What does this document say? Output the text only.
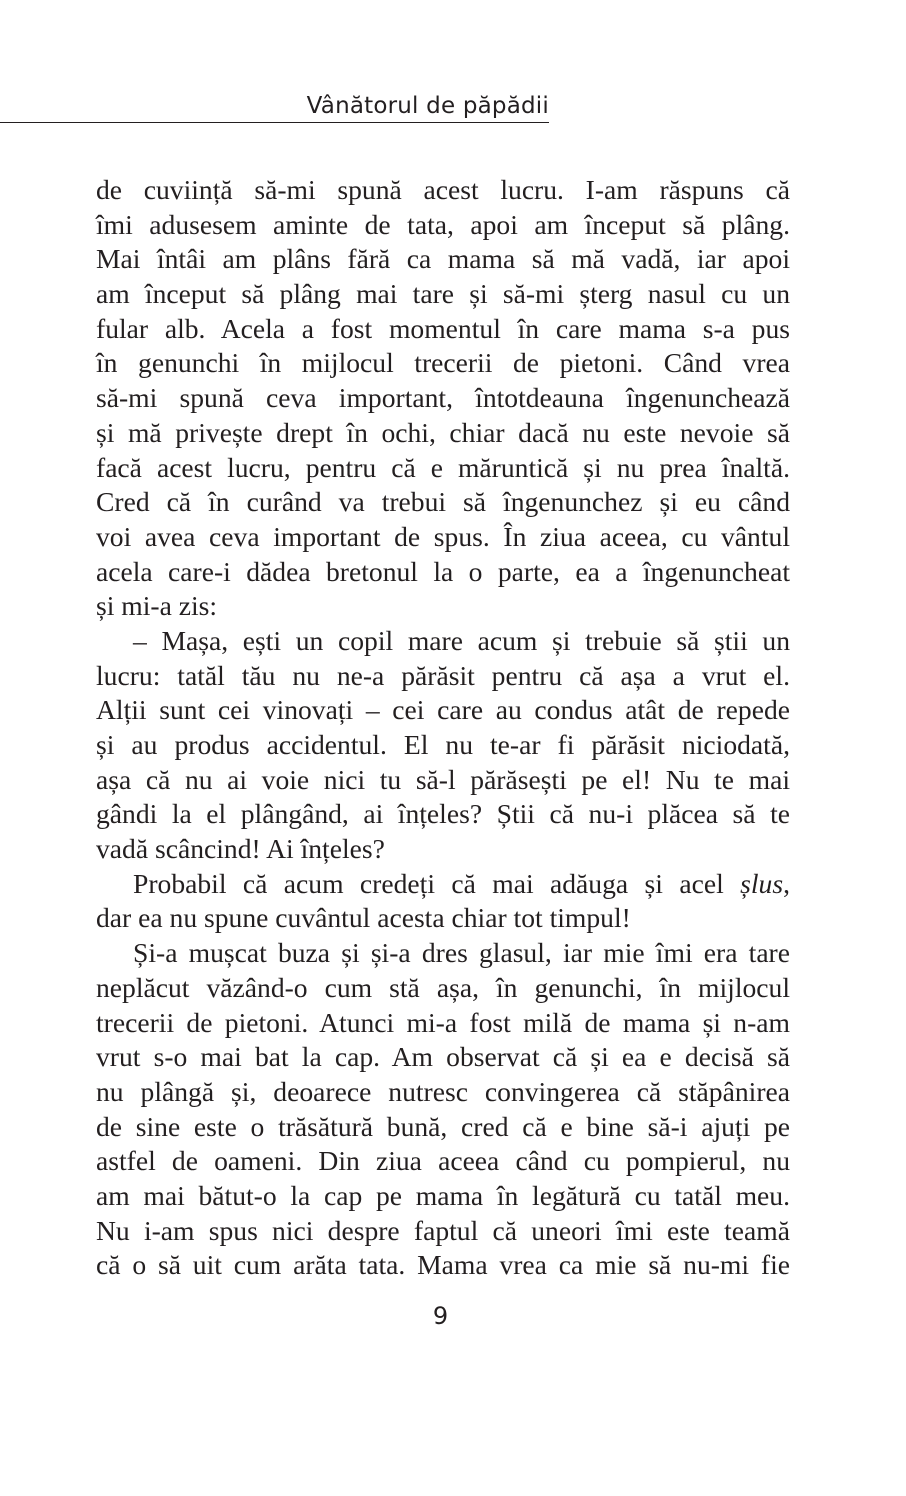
Vânătorul de păpădii
de cuviință să-mi spună acest lucru. I-am răspuns că
îmi adusesem aminte de tata, apoi am început să plâng.
Mai întâi am plâns fără ca mama să mă vadă, iar apoi
am început să plâng mai tare și să-mi șterg nasul cu un
fular alb. Acela a fost momentul în care mama s-a pus
în genunchi în mijlocul trecerii de pietoni. Când vrea
să-mi spună ceva important, întotdeauna îngenunchează
și mă privește drept în ochi, chiar dacă nu este nevoie să
facă acest lucru, pentru că e măruntică și nu prea înaltă.
Cred că în curând va trebui să îngenunchez și eu când
voi avea ceva important de spus. În ziua aceea, cu vântul
acela care-i dădea bretonul la o parte, ea a îngenuncheat
și mi-a zis:
– Mașa, ești un copil mare acum și trebuie să știi un
lucru: tatăl tău nu ne-a părăsit pentru că așa a vrut el.
Alții sunt cei vinovați – cei care au condus atât de repede
și au produs accidentul. El nu te-ar fi părăsit niciodată,
așa că nu ai voie nici tu să-l părăsești pe el! Nu te mai
gândi la el plângând, ai înțeles? Știi că nu-i plăcea să te
vadă scâncind! Ai înțeles?
Probabil că acum credeți că mai adăuga și acel șlus,
dar ea nu spune cuvântul acesta chiar tot timpul!
Și-a mușcat buza și și-a dres glasul, iar mie îmi era tare
neplăcut văzând-o cum stă așa, în genunchi, în mijlocul
trecerii de pietoni. Atunci mi-a fost milă de mama și n-am
vrut s-o mai bat la cap. Am observat că și ea e decisă să
nu plângă și, deoarece nutresc convingerea că stăpânirea
de sine este o trăsătură bună, cred că e bine să-i ajuți pe
astfel de oameni. Din ziua aceea când cu pompierul, nu
am mai bătut-o la cap pe mama în legătură cu tatăl meu.
Nu i-am spus nici despre faptul că uneori îmi este teamă
că o să uit cum arăta tata. Mama vrea ca mie să nu-mi fie
9
